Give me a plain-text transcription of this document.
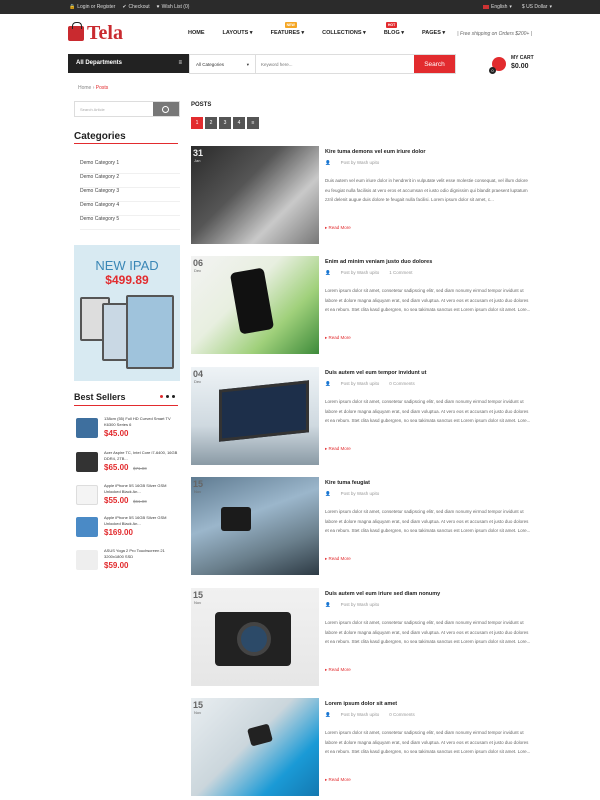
🔒 Login or Register ✔ Checkout ♥ Wish List (0)	English ▾ $ US Dollar ▾
Tela	HOME	LAYOUTS ▾
NEW
FEATURES ▾	COLLECTIONS ▾
HOT
BLOG ▾	PAGES ▾ | Free shipping on Orders $200+ |
All Departments	≡	All Categories	▾
Keyword here...	Search
0
MY CART
$0.00
Home › Posts
Search Article
Categories
Demo Category 1
Demo Category 2
Demo Category 3
Demo Category 4
Demo Category 5
NEW IPAD
$499.89
Best Sellers
138cm (55) Full HD Curved Smart TV K6300 Series 6
$45.00
Acer Aspire TC, Intel Core i7-6400, 16GB DDR4, 2TB...
$65.00 $71.00
Apple iPhone 5S 16GB Silver GSM Unlocked Black An...
$55.00 $61.00
Apple iPhone 5S 16GB Silver GSM Unlocked Black An...
$169.00
ASUS Yoga 2 Pro Touchscreen 21 3200x1800 SSD
$59.00
POSTS
1	2	3	4	≡
31
Jan
Kire tuma demons vel eum iriure dolor
👤 Post by Wash upito
Duis autem vel eum iriure dolor in hendrerit in vulputate velit esse molestie consequat, vel illum dolore eu feugiat nulla facilisis at vero eros et accumsan et iusto odio dignissim qui blandit praesent luptatum zzril delenit augue duis dolore te feugait nulla facilisi. Lorem ipsum dolor sit amet, c...
▸ Read More
06
Dec
Enim ad minim veniam justo duo dolores
👤 Post by Wash upito 1 Comment
Lorem ipsum dolor sit amet, consetetur sadipscing elitr, sed diam nonumy eirmod tempor invidunt ut labore et dolore magna aliquyam erat, sed diam voluptua. At vero eos et accusam et justo duo dolores et ea rebum. Stet clita kasd gubergren, no sea takimata sanctus est Lorem ipsum dolor sit amet. Lore...
▸ Read More
04
Dec
Duis autem vel eum tempor invidunt ut
👤 Post by Wash upito 0 Comments
Lorem ipsum dolor sit amet, consetetur sadipscing elitr, sed diam nonumy eirmod tempor invidunt ut labore et dolore magna aliquyam erat, sed diam voluptua. At vero eos et accusam et justo duo dolores et ea rebum. Stet clita kasd gubergren, no sea takimata sanctus est Lorem ipsum dolor sit amet. Lore...
▸ Read More
15
Nov
Kire tuma feugiat
👤 Post by Wash upito
Lorem ipsum dolor sit amet, consetetur sadipscing elitr, sed diam nonumy eirmod tempor invidunt ut labore et dolore magna aliquyam erat, sed diam voluptua. At vero eos et accusam et justo duo dolores et ea rebum. Stet clita kasd gubergren, no sea takimata sanctus est Lorem ipsum dolor sit amet. Lore...
▸ Read More
15
Nov
Duis autem vel eum iriure sed diam nonumy
👤 Post by Wash upito
Lorem ipsum dolor sit amet, consetetur sadipscing elitr, sed diam nonumy eirmod tempor invidunt ut labore et dolore magna aliquyam erat, sed diam voluptua. At vero eos et accusam et justo duo dolores et ea rebum. Stet clita kasd gubergren, no sea takimata sanctus est Lorem ipsum dolor sit amet. Lore...
▸ Read More
15
Nov
Lorem ipsum dolor sit amet
👤 Post by Wash upito 0 Comments
Lorem ipsum dolor sit amet, consetetur sadipscing elitr, sed diam nonumy eirmod tempor invidunt ut labore et dolore magna aliquyam erat, sed diam voluptua. At vero eos et accusam et justo duo dolores et ea rebum. Stet clita kasd gubergren, no sea takimata sanctus est Lorem ipsum dolor sit amet. Lore...
▸ Read More
